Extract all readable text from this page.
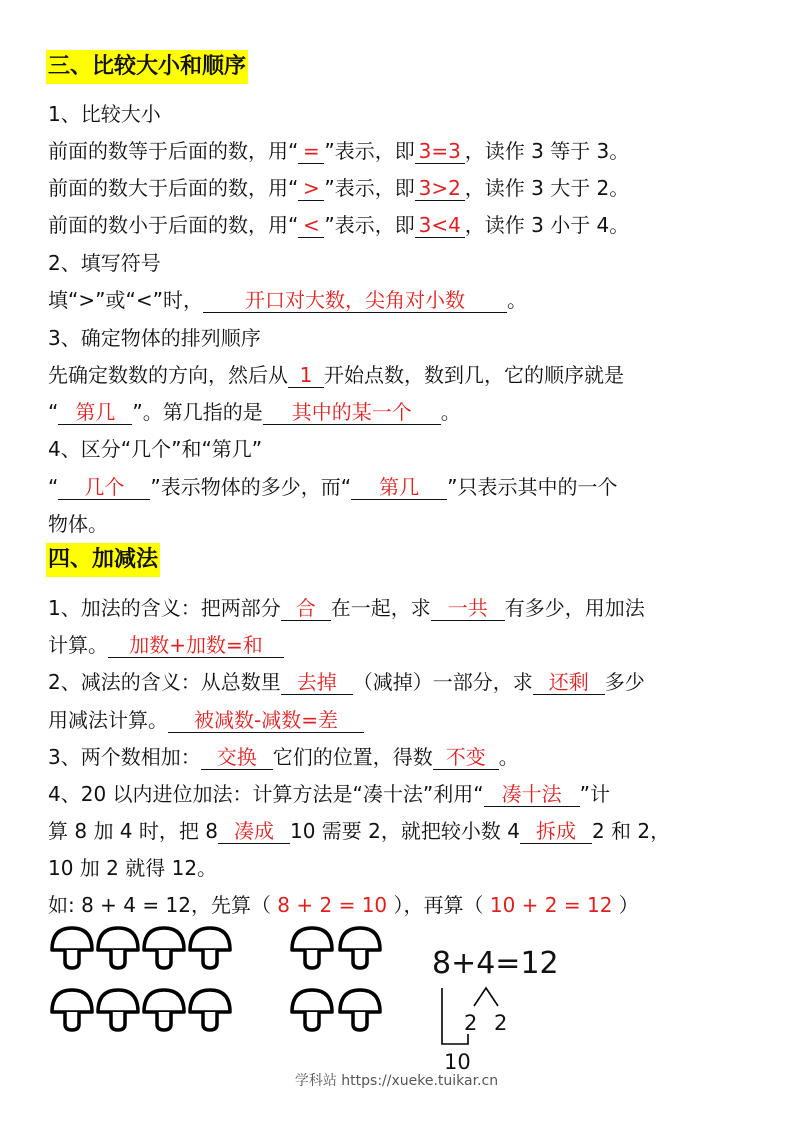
三、比较大小和顺序
1、比较大小
前面的数等于后面的数，用“ = ”表示，即 3=3 ，读作 3 等于 3。
前面的数大于后面的数，用“ > ”表示，即 3>2 ，读作 3 大于 2。
前面的数小于后面的数，用“ < ”表示，即 3<4 ，读作 3 小于 4。
2、填写符号
填“>”或“<”时， 开口对大数，尖角对小数 。
3、确定物体的排列顺序
先确定数数的方向，然后从 1 开始点数，数到几，它的顺序就是
“ 第几 ”。第几指的是 其中的某一个 。
4、区分“几个”和“第几”
“ 几个 ”表示物体的多少，而“ 第几 ”只表示其中的一个
物体。
四、加减法
1、加法的含义：把两部分 合 在一起，求 一共 有多少，用加法
计算。 加数+加数=和
2、减法的含义：从总数里 去掉 （减掉）一部分，求 还剩 多少
用减法计算。 被减数-减数=差
3、两个数相加： 交换 它们的位置，得数 不变 。
4、20 以内进位加法：计算方法是“凑十法”利用“ 凑十法 ”计
算 8 加 4 时，把 8 凑成 10 需要 2，就把较小数 4 拆成 2 和 2，
10 加 2 就得 12。
如: 8 + 4 = 12，先算（ 8 + 2 = 10 ），再算（ 10 + 2 = 12 ）
8+4=12
2 2
10
学科站 https://xueke.tuikar.cn
